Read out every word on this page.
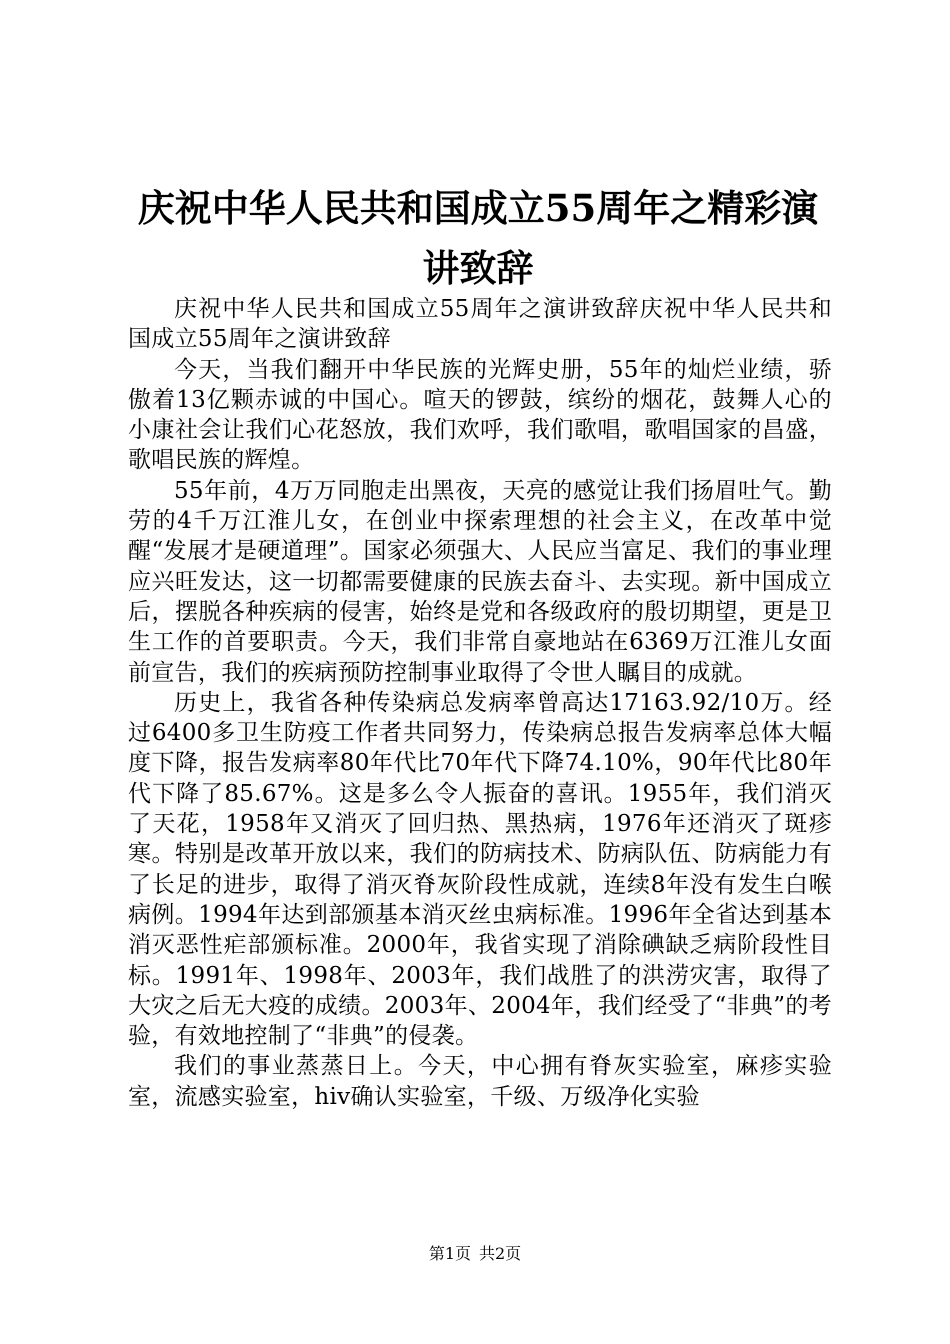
庆祝中华人民共和国成立55周年之精彩演讲致辞

庆祝中华人民共和国成立55周年之演讲致辞庆祝中华人民共和国成立55周年之演讲致辞

今天，当我们翻开中华民族的光辉史册，55年的灿烂业绩，骄傲着13亿颗赤诚的中国心。喧天的锣鼓，缤纷的烟花，鼓舞人心的小康社会让我们心花怒放，我们欢呼，我们歌唱，歌唱国家的昌盛，歌唱民族的辉煌。

55年前，4万万同胞走出黑夜，天亮的感觉让我们扬眉吐气。勤劳的4千万江淮儿女，在创业中探索理想的社会主义，在改革中觉醒“发展才是硬道理”。国家必须强大、人民应当富足、我们的事业理应兴旺发达，这一切都需要健康的民族去奋斗、去实现。新中国成立后，摆脱各种疾病的侵害，始终是党和各级政府的殷切期望，更是卫生工作的首要职责。今天，我们非常自豪地站在6369万江淮儿女面前宣告，我们的疾病预防控制事业取得了令世人瞩目的成就。

历史上，我省各种传染病总发病率曾高达17163.92/10万。经过6400多卫生防疫工作者共同努力，传染病总报告发病率总体大幅度下降，报告发病率80年代比70年代下降74.10%，90年代比80年代下降了85.67%。这是多么令人振奋的喜讯。1955年，我们消灭了天花，1958年又消灭了回归热、黑热病，1976年还消灭了斑疹寒。特别是改革开放以来，我们的防病技术、防病队伍、防病能力有了长足的进步，取得了消灭脊灰阶段性成就，连续8年没有发生白喉病例。1994年达到部颁基本消灭丝虫病标准。1996年全省达到基本消灭恶性疟部颁标准。2000年，我省实现了消除碘缺乏病阶段性目标。1991年、1998年、2003年，我们战胜了的洪涝灾害，取得了大灾之后无大疫的成绩。2003年、2004年，我们经受了“非典”的考验，有效地控制了“非典”的侵袭。

我们的事业蒸蒸日上。今天，中心拥有脊灰实验室，麻疹实验室，流感实验室，hiv确认实验室，千级、万级净化实验

第1页 共2页
